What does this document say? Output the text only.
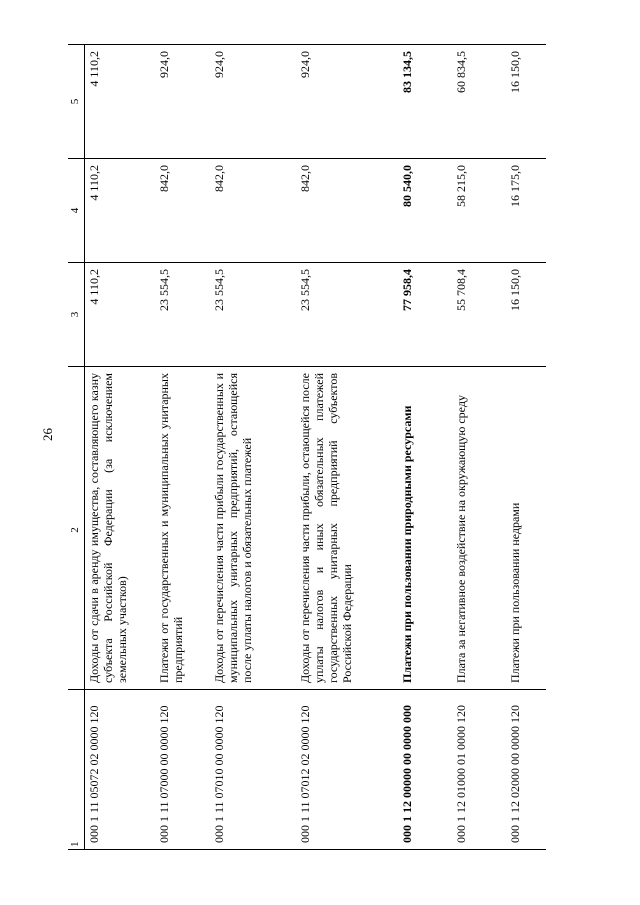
26
1	2	3	4	5
000 1 11 05072 02 0000 120	Доходы от сдачи в аренду имущества, составляющего казну субъекта Российской Федерации (за исключением земельных участков)	4 110,2	4 110,2	4 110,2
000 1 11 07000 00 0000 120	Платежи от государственных и муниципальных унитарных предприятий	23 554,5	842,0	924,0
000 1 11 07010 00 0000 120	Доходы от перечисления части прибыли государственных и муниципальных унитарных предприятий, остающейся после уплаты налогов и обязательных платежей	23 554,5	842,0	924,0
000 1 11 07012 02 0000 120	Доходы от перечисления части прибыли, остающейся после уплаты налогов и иных обязательных платежей государственных унитарных предприятий субъектов Российской Федерации	23 554,5	842,0	924,0
000 1 12 00000 00 0000 000	Платежи при пользовании природными ресурсами	77 958,4	80 540,0	83 134,5
000 1 12 01000 01 0000 120	Плата за негативное воздействие на окружающую среду	55 708,4	58 215,0	60 834,5
000 1 12 02000 00 0000 120	Платежи при пользовании недрами	16 150,0	16 175,0	16 150,0
